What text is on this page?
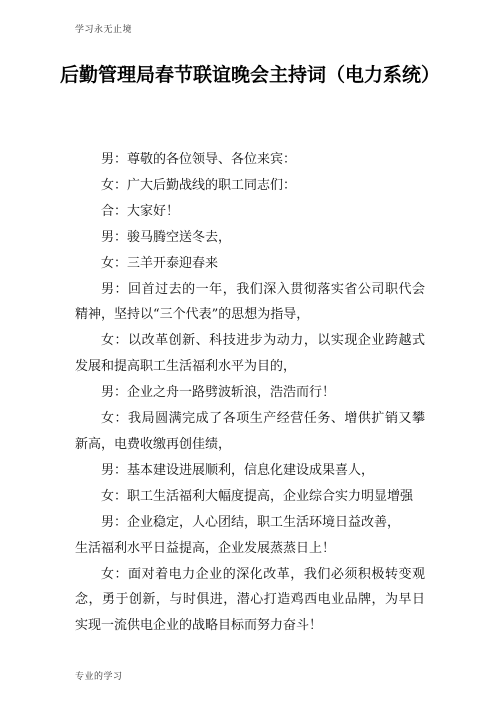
学习永无止境
后勤管理局春节联谊晚会主持词（电力系统）

男：尊敬的各位领导、各位来宾：

女：广大后勤战线的职工同志们：

合：大家好！

男：骏马腾空送冬去，

女：三羊开泰迎春来

男：回首过去的一年，我们深入贯彻落实省公司职代会精神，坚持以“三个代表”的思想为指导，

女：以改革创新、科技进步为动力，以实现企业跨越式发展和提高职工生活福利水平为目的，

男：企业之舟一路劈波斩浪，浩浩而行！

女：我局圆满完成了各项生产经营任务、增供扩销又攀新高，电费收缴再创佳绩，

男：基本建设进展顺利，信息化建设成果喜人，

女：职工生活福利大幅度提高，企业综合实力明显增强

男：企业稳定，人心团结，职工生活环境日益改善，

生活福利水平日益提高，企业发展蒸蒸日上！

女：面对着电力企业的深化改革，我们必须积极转变观念，勇于创新，与时俱进，潜心打造鸡西电业品牌，为早日实现一流供电企业的战略目标而努力奋斗！

专业的学习
